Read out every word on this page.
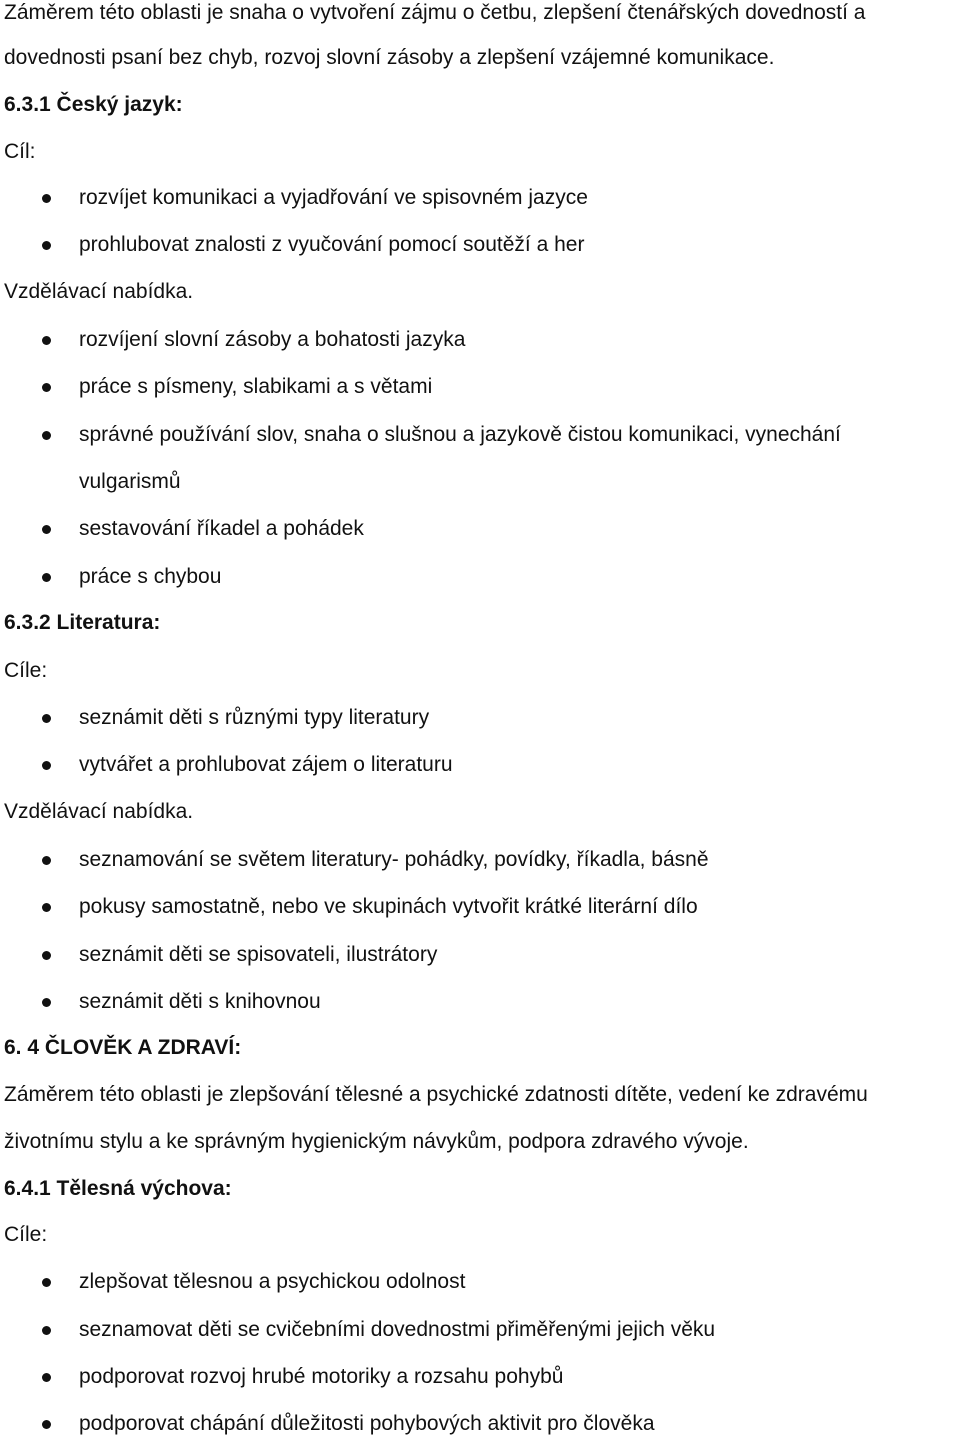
Záměrem této oblasti je snaha o vytvoření zájmu o četbu, zlepšení čtenářských dovedností a
dovednosti psaní bez chyb, rozvoj slovní zásoby a zlepšení vzájemné komunikace.
6.3.1 Český jazyk:
Cíl:
rozvíjet komunikaci a vyjadřování ve spisovném jazyce
prohlubovat znalosti z vyučování pomocí soutěží a her
Vzdělávací nabídka.
rozvíjení slovní zásoby a bohatosti jazyka
práce s písmeny, slabikami a s větami
správné používání slov, snaha o slušnou a jazykově čistou komunikaci, vynechání
vulgarismů
sestavování říkadel a pohádek
práce s chybou
6.3.2 Literatura:
Cíle:
seznámit děti s různými typy literatury
vytvářet a prohlubovat zájem o literaturu
Vzdělávací nabídka.
seznamování se světem literatury- pohádky, povídky, říkadla, básně
pokusy samostatně, nebo ve skupinách vytvořit krátké literární dílo
seznámit děti se spisovateli, ilustrátory
seznámit děti s knihovnou
6. 4 ČLOVĚK A ZDRAVÍ:
Záměrem této oblasti je zlepšování tělesné a psychické zdatnosti dítěte, vedení ke zdravému
životnímu stylu a ke správným hygienickým návykům, podpora zdravého vývoje.
6.4.1 Tělesná výchova:
Cíle:
zlepšovat tělesnou a psychickou odolnost
seznamovat děti se cvičebními dovednostmi přiměřenými jejich věku
podporovat rozvoj hrubé motoriky a rozsahu pohybů
podporovat chápání důležitosti pohybových aktivit pro člověka
